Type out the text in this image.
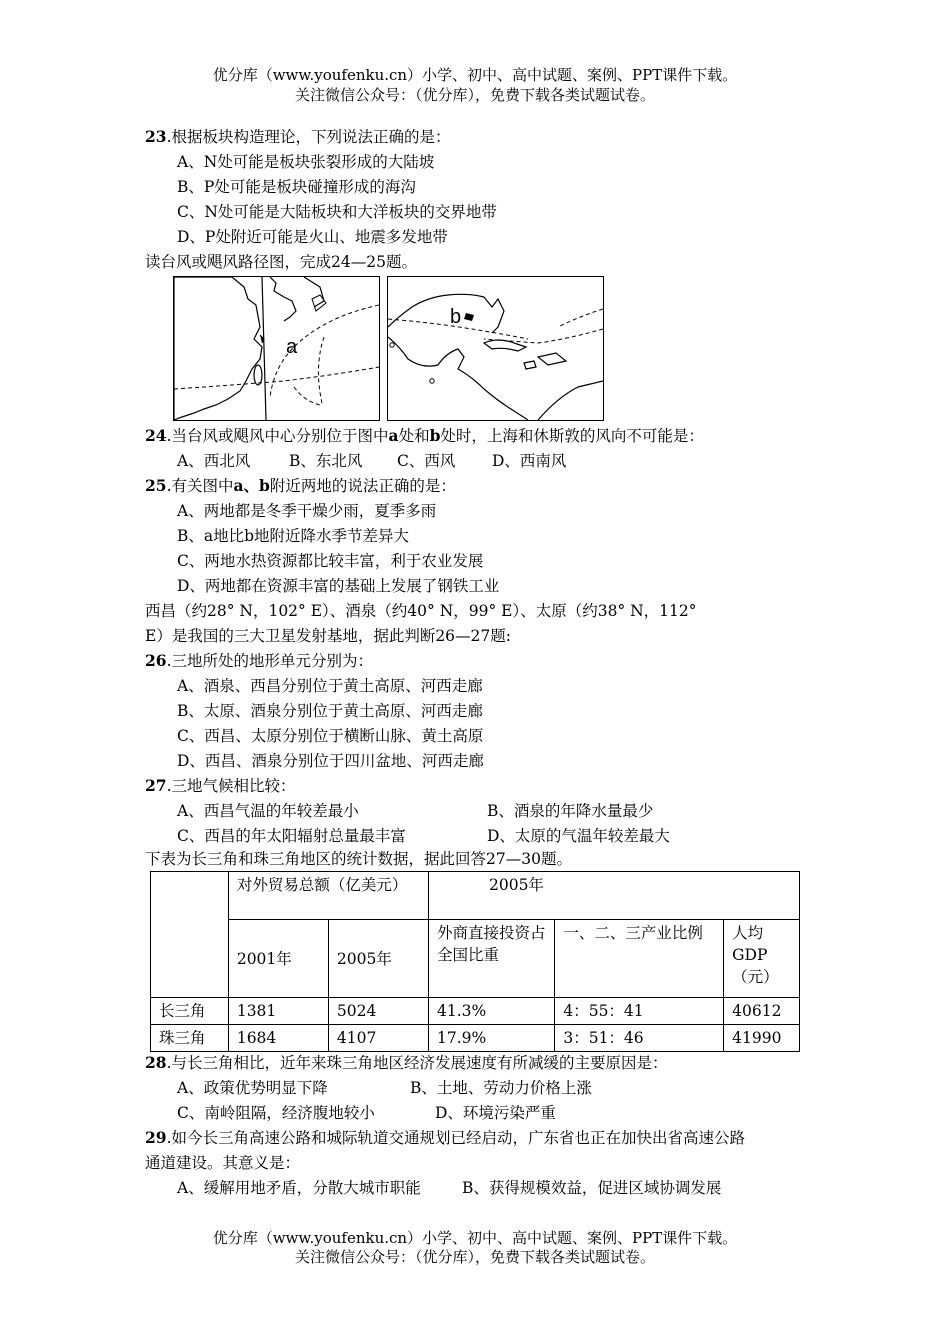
优分库（www.youfenku.cn）小学、初中、高中试题、案例、PPT课件下载。
关注微信公众号：（优分库），免费下载各类试题试卷。
23.根据板块构造理论，下列说法正确的是：
A、N处可能是板块张裂形成的大陆坡
B、P处可能是板块碰撞形成的海沟
C、N处可能是大陆板块和大洋板块的交界地带
D、P处附近可能是火山、地震多发地带
读台风或飓风路径图，完成24—25题。
a
b
24.当台风或飓风中心分别位于图中a处和b处时，上海和休斯敦的风向不可能是：
A、西北风	B、东北风 C、西风 D、西南风
25.有关图中a、b附近两地的说法正确的是：
A、两地都是冬季干燥少雨，夏季多雨
B、a地比b地附近降水季节差异大
C、两地水热资源都比较丰富，利于农业发展
D、两地都在资源丰富的基础上发展了钢铁工业
西昌（约28° N，102° E）、酒泉（约40° N，99° E）、太原（约38° N，112°
E）是我国的三大卫星发射基地，据此判断26—27题:
26.三地所处的地形单元分别为：
A、酒泉、西昌分别位于黄土高原、河西走廊
B、太原、酒泉分别位于黄土高原、河西走廊
C、西昌、太原分别位于横断山脉、黄土高原
D、西昌、酒泉分别位于四川盆地、河西走廊
27.三地气候相比较：
A、西昌气温的年较差最小	B、酒泉的年降水量最少
C、西昌的年太阳辐射总量最丰富	D、太原的气温年较差最大
下表为长三角和珠三角地区的统计数据，据此回答27—30题。
	对外贸易总额（亿美元）		2005年		
	2001年	2005年	外商直接投资占全国比重	一、二、三产业比例	人均GDP（元）
长三角	1381	5024	41.3%	4：55：41	40612
珠三角	1684	4107	17.9%	3：51：46	41990
28.与长三角相比，近年来珠三角地区经济发展速度有所减缓的主要原因是：
A、政策优势明显下降	B、土地、劳动力价格上涨
C、南岭阻隔，经济腹地较小	D、环境污染严重
29.如今长三角高速公路和城际轨道交通规划已经启动，广东省也正在加快出省高速公路
通道建设。其意义是：
A、缓解用地矛盾，分散大城市职能	B、获得规模效益，促进区域协调发展
优分库（www.youfenku.cn）小学、初中、高中试题、案例、PPT课件下载。
关注微信公众号：（优分库），免费下载各类试题试卷。
